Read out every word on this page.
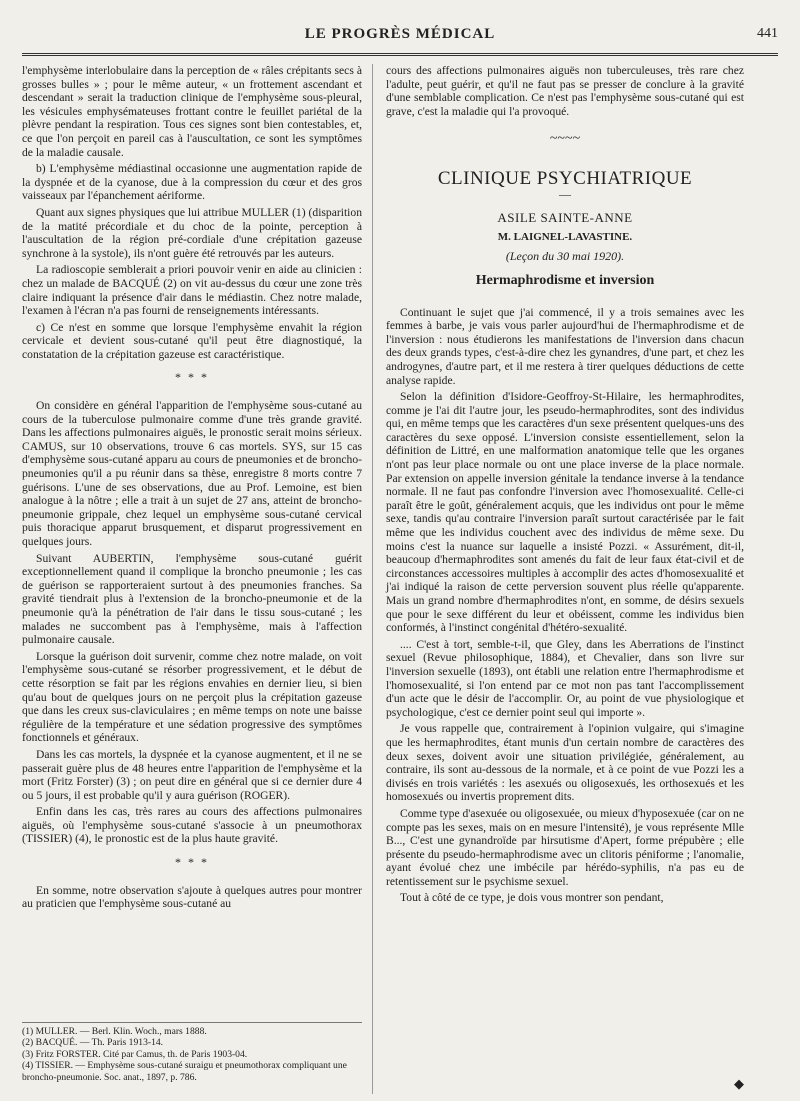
LE PROGRÈS MÉDICAL	441

l'emphysème interlobulaire dans la perception de « râles crépitants secs à grosses bulles » ; pour le même auteur, « un frottement ascendant et descendant » serait la traduction clinique de l'emphysème sous-pleural, les vésicules emphysémateuses frottant contre le feuillet pariétal de la plèvre pendant la respiration. Tous ces signes sont bien contestables, et, ce que l'on perçoit en pareil cas à l'auscultation, ce sont les symptômes de la maladie causale.

b) L'emphysème médiastinal occasionne une augmentation rapide de la dyspnée et de la cyanose, due à la compression du cœur et des gros vaisseaux par l'épanchement aériforme.

Quant aux signes physiques que lui attribue MULLER (1) (disparition de la matité précordiale et du choc de la pointe, perception à l'auscultation de la région pré-cordiale d'une crépitation gazeuse synchrone à la systole), ils n'ont guère été retrouvés par les auteurs.

La radioscopie semblerait a priori pouvoir venir en aide au clinicien : chez un malade de BACQUÉ (2) on vit au-dessus du cœur une zone très claire indiquant la présence d'air dans le médiastin. Chez notre malade, l'examen à l'écran n'a pas fourni de renseignements intéressants.

c) Ce n'est en somme que lorsque l'emphysème envahit la région cervicale et devient sous-cutané qu'il peut être diagnostiqué, la constatation de la crépitation gazeuse est caractéristique.

* * *

On considère en général l'apparition de l'emphysème sous-cutané au cours de la tuberculose pulmonaire comme d'une très grande gravité. Dans les affections pulmonaires aiguës, le pronostic serait moins sérieux. CAMUS, sur 10 observations, trouve 6 cas mortels. SYS, sur 15 cas d'emphysème sous-cutané apparu au cours de pneumonies et de broncho-pneumonies qu'il a pu réunir dans sa thèse, enregistre 8 morts contre 7 guérisons. L'une de ses observations, due au Prof. Lemoine, est bien analogue à la nôtre ; elle a trait à un sujet de 27 ans, atteint de broncho-pneumonie grippale, chez lequel un emphysème sous-cutané cervical puis thoracique apparut brusquement, et disparut progressivement en quelques jours.

Suivant AUBERTIN, l'emphysème sous-cutané guérit exceptionnellement quand il complique la broncho pneumonie ; les cas de guérison se rapporteraient surtout à des pneumonies franches. Sa gravité tiendrait plus à l'extension de la broncho-pneumonie et de la pneumonie qu'à la pénétration de l'air dans le tissu sous-cutané ; les malades ne succombent pas à l'emphysème, mais à l'affection pulmonaire causale.

Lorsque la guérison doit survenir, comme chez notre malade, on voit l'emphysème sous-cutané se résorber progressivement, et le début de cette résorption se fait par les régions envahies en dernier lieu, si bien qu'au bout de quelques jours on ne perçoit plus la crépitation gazeuse que dans les creux sus-claviculaires ; en même temps on note une baisse régulière de la température et une sédation progressive des symptômes fonctionnels et généraux.

Dans les cas mortels, la dyspnée et la cyanose augmentent, et il ne se passerait guère plus de 48 heures entre l'apparition de l'emphysème et la mort (Fritz Forster) (3) ; on peut dire en général que si ce dernier dure 4 ou 5 jours, il est probable qu'il y aura guérison (ROGER).

Enfin dans les cas, très rares au cours des affections pulmonaires aiguës, où l'emphysème sous-cutané s'associe à un pneumothorax (TISSIER) (4), le pronostic est de la plus haute gravité.

* * *

En somme, notre observation s'ajoute à quelques autres pour montrer au praticien que l'emphysème sous-cutané au

cours des affections pulmonaires aiguës non tuberculeuses, très rare chez l'adulte, peut guérir, et qu'il ne faut pas se presser de conclure à la gravité d'une semblable complication. Ce n'est pas l'emphysème sous-cutané qui est grave, c'est la maladie qui l'a provoqué.

~~~~
CLINIQUE PSYCHIATRIQUE
—
ASILE SAINTE-ANNE
M. LAIGNEL-LAVASTINE.
(Leçon du 30 mai 1920).
Hermaphrodisme et inversion

Continuant le sujet que j'ai commencé, il y a trois semaines avec les femmes à barbe, je vais vous parler aujourd'hui de l'hermaphrodisme et de l'inversion : nous étudierons les manifestations de l'inversion dans chacun des deux grands types, c'est-à-dire chez les gynandres, d'une part, et chez les androgynes, d'autre part, et il me restera à tirer quelques déductions de cette analyse rapide.

Selon la définition d'Isidore-Geoffroy-St-Hilaire, les hermaphrodites, comme je l'ai dit l'autre jour, les pseudo-hermaphrodites, sont des individus qui, en même temps que les caractères d'un sexe présentent quelques-uns des caractères du sexe opposé. L'inversion consiste essentiellement, selon la définition de Littré, en une malformation anatomique telle que les organes n'ont pas leur place normale ou ont une place inverse de la place normale. Par extension on appelle inversion génitale la tendance inverse à la tendance normale. Il ne faut pas confondre l'inversion avec l'homosexualité. Celle-ci paraît être le goût, généralement acquis, que les individus ont pour le même sexe, tandis qu'au contraire l'inversion paraît surtout caractérisée par le fait même que les individus couchent avec des individus de même sexe. Du moins c'est la nuance sur laquelle a insisté Pozzi. « Assurément, dit-il, beaucoup d'hermaphrodites sont amenés du fait de leur faux état-civil et de circonstances accessoires multiples à accomplir des actes d'homosexualité et j'ai indiqué la raison de cette perversion souvent plus réelle qu'apparente. Mais un grand nombre d'hermaphrodites n'ont, en somme, de désirs sexuels que pour le sexe différent du leur et obéissent, comme les individus bien conformés, à l'instinct congénital d'hétéro-sexualité.

.... C'est à tort, semble-t-il, que Gley, dans les Aberrations de l'instinct sexuel (Revue philosophique, 1884), et Chevalier, dans son livre sur l'inversion sexuelle (1893), ont établi une relation entre l'hermaphrodisme et l'homosexualité, si l'on entend par ce mot non pas tant l'accomplissement d'un acte que le désir de l'accomplir. Or, au point de vue physiologique et psychologique, c'est ce dernier point seul qui importe ».

Je vous rappelle que, contrairement à l'opinion vulgaire, qui s'imagine que les hermaphrodites, étant munis d'un certain nombre de caractères des deux sexes, doivent avoir une situation privilégiée, généralement, au contraire, ils sont au-dessous de la normale, et à ce point de vue Pozzi les a divisés en trois variétés : les asexués ou oligosexués, les orthosexués et les homosexués ou invertis proprement dits.

Comme type d'asexuée ou oligosexuée, ou mieux d'hyposexuée (car on ne compte pas les sexes, mais on en mesure l'intensité), je vous représente Mlle B..., C'est une gynandroïde par hirsutisme d'Apert, forme prépubère ; elle présente du pseudo-hermaphrodisme avec un clitoris péniforme ; l'anomalie, ayant évolué chez une imbécile par hérédo-syphilis, n'a pas eu de retentissement sur le psychisme sexuel.

Tout à côté de ce type, je dois vous montrer son pendant,

(1) MULLER. — Berl. Klin. Woch., mars 1888.
(2) BACQUÉ. — Th. Paris 1913-14.
(3) Fritz FORSTER. Cité par Camus, th. de Paris 1903-04.
(4) TISSIER. — Emphysème sous-cutané suraigu et pneumothorax compliquant une broncho-pneumonie. Soc. anat., 1897, p. 786.	◆
